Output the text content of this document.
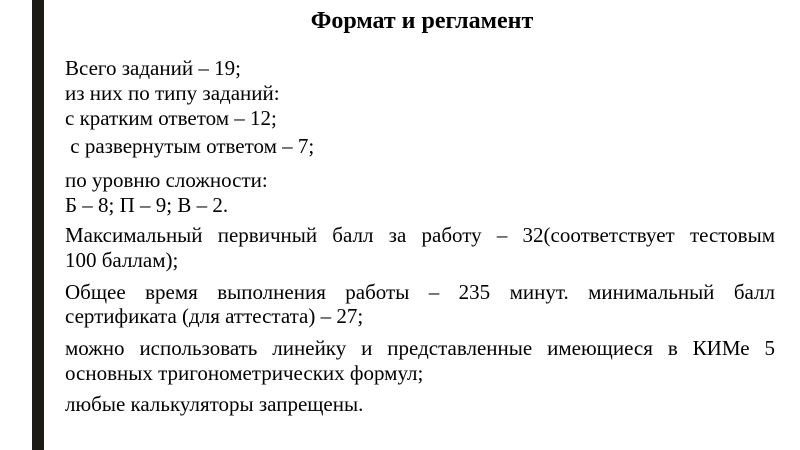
Формат и регламент
Всего заданий – 19;
из них по типу заданий:
с кратким ответом – 12;
с развернутым ответом – 7;
по уровню сложности:
Б – 8; П – 9; В – 2.
Максимальный первичный балл за работу – 32(соответствует тестовым
100 баллам);
Общее время выполнения работы – 235 минут. минимальный балл
сертификата (для аттестата) – 27;
можно использовать линейку и представленные имеющиеся в КИМе 5
основных тригонометрических формул;
любые калькуляторы запрещены.
